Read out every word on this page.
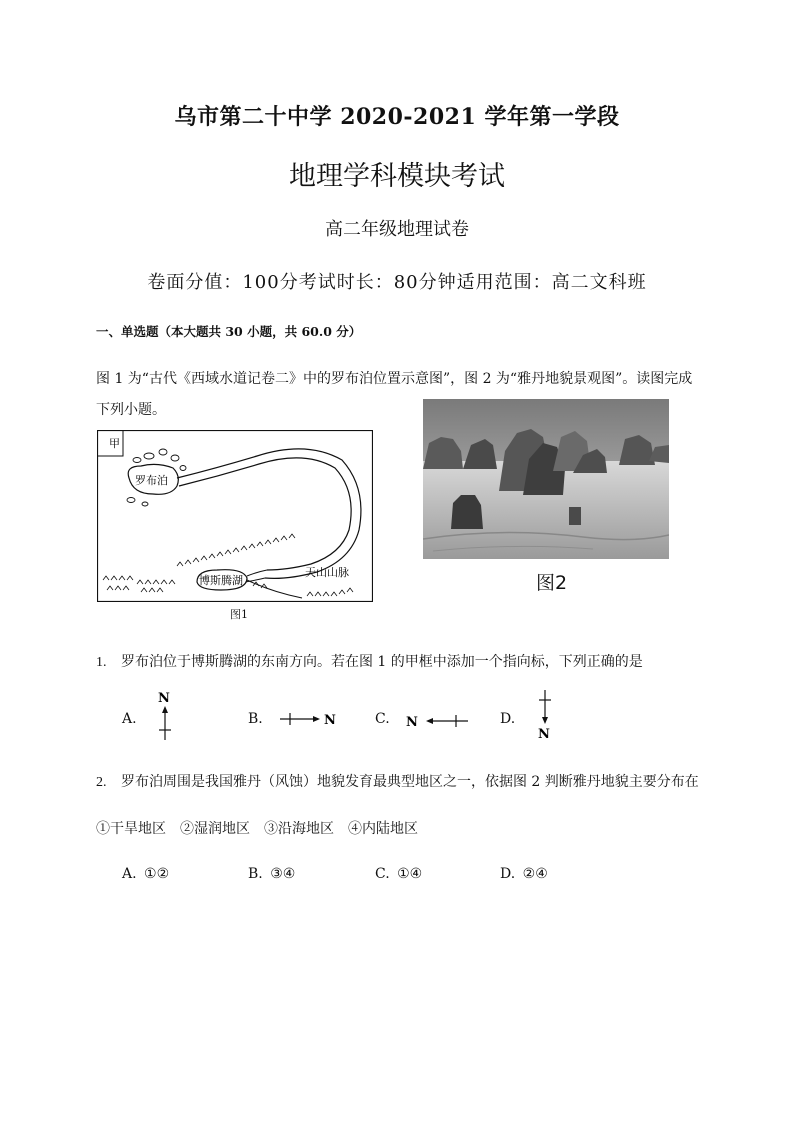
乌市第二十中学 2020-2021 学年第一学段
地理学科模块考试
高二年级地理试卷
卷面分值：100分考试时长：80分钟适用范围：高二文科班
一、单选题（本大题共 30 小题，共 60.0 分）
图 1 为“古代《西域水道记卷二》中的罗布泊位置示意图”，图 2 为“雅丹地貌景观图”。读图完成下列小题。
甲
罗布泊
博斯腾湖
天山山脉
图1
图2
1. 罗布泊位于博斯腾湖的东南方向。若在图 1 的甲框中添加一个指向标，下列正确的是
A.
N
B.	N	C. N	D.
N
2. 罗布泊周围是我国雅丹（风蚀）地貌发育最典型地区之一，依据图 2 判断雅丹地貌主要分布在
①干旱地区　②湿润地区　③沿海地区　④内陆地区
A. ①②	B. ③④	C. ①④	D. ②④
